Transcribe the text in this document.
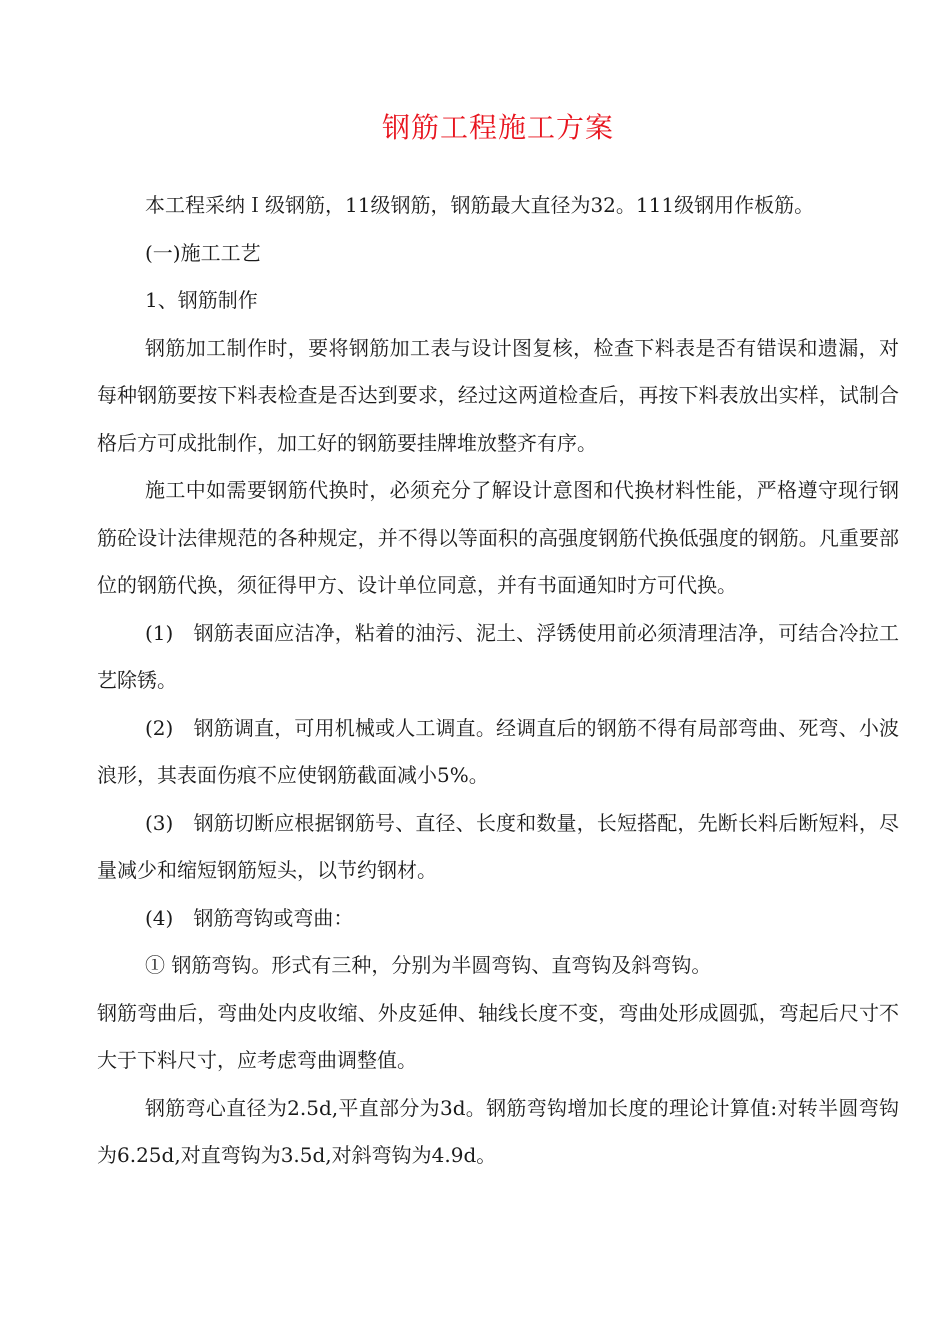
钢筋工程施工方案

本工程采纳Ｉ级钢筋，11级钢筋，钢筋最大直径为32。111级钢用作板筋。

(一)施工工艺

1、钢筋制作

钢筋加工制作时，要将钢筋加工表与设计图复核，检查下料表是否有错误和遗漏，对每种钢筋要按下料表检查是否达到要求，经过这两道检查后，再按下料表放出实样，试制合格后方可成批制作，加工好的钢筋要挂牌堆放整齐有序。

施工中如需要钢筋代换时，必须充分了解设计意图和代换材料性能，严格遵守现行钢筋砼设计法律规范的各种规定，并不得以等面积的高强度钢筋代换低强度的钢筋。凡重要部位的钢筋代换，须征得甲方、设计单位同意，并有书面通知时方可代换。

(1)　钢筋表面应洁净，粘着的油污、泥土、浮锈使用前必须清理洁净，可结合冷拉工艺除锈。

(2)　钢筋调直，可用机械或人工调直。经调直后的钢筋不得有局部弯曲、死弯、小波浪形，其表面伤痕不应使钢筋截面减小5%。

(3)　钢筋切断应根据钢筋号、直径、长度和数量，长短搭配，先断长料后断短料，尽量减少和缩短钢筋短头，以节约钢材。

(4)　钢筋弯钩或弯曲：

① 钢筋弯钩。形式有三种，分别为半圆弯钩、直弯钩及斜弯钩。

钢筋弯曲后，弯曲处内皮收缩、外皮延伸、轴线长度不变，弯曲处形成圆弧，弯起后尺寸不大于下料尺寸，应考虑弯曲调整值。

钢筋弯心直径为2.5d,平直部分为3d。钢筋弯钩增加长度的理论计算值:对转半圆弯钩为6.25d,对直弯钩为3.5d,对斜弯钩为4.9d。
